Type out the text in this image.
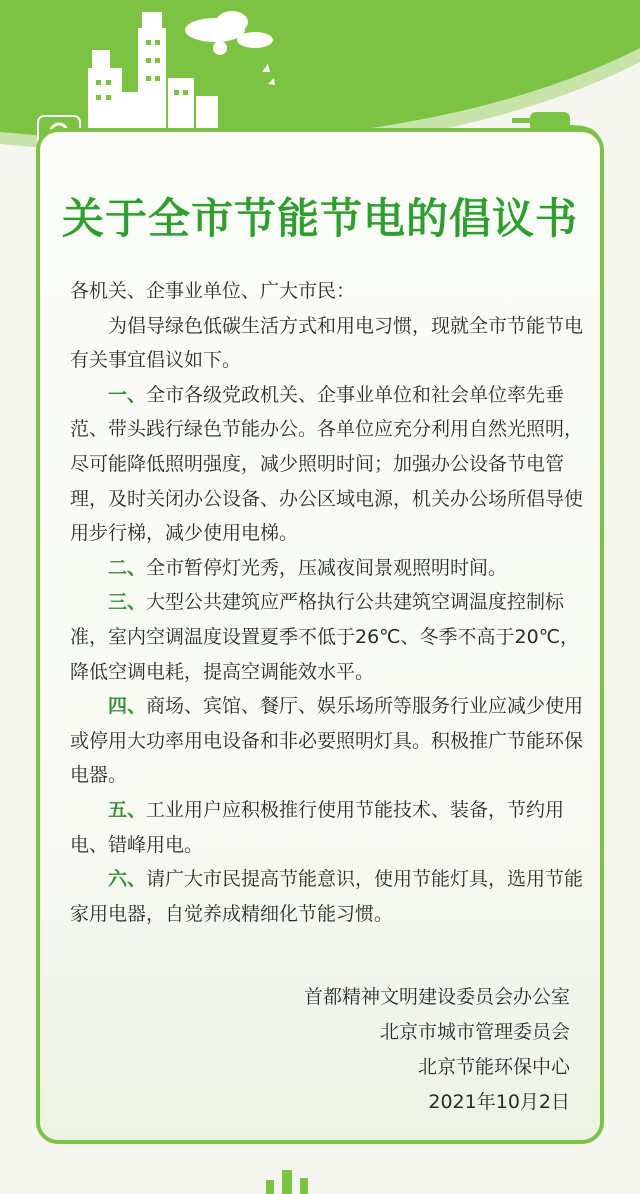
关于全市节能节电的倡议书

各机关、企事业单位、广大市民：

为倡导绿色低碳生活方式和用电习惯，现就全市节能节电有关事宜倡议如下。

一、全市各级党政机关、企事业单位和社会单位率先垂范、带头践行绿色节能办公。各单位应充分利用自然光照明，尽可能降低照明强度，减少照明时间；加强办公设备节电管理，及时关闭办公设备、办公区域电源，机关办公场所倡导使用步行梯，减少使用电梯。

二、全市暂停灯光秀，压减夜间景观照明时间。

三、大型公共建筑应严格执行公共建筑空调温度控制标准，室内空调温度设置夏季不低于26℃、冬季不高于20℃，降低空调电耗，提高空调能效水平。

四、商场、宾馆、餐厅、娱乐场所等服务行业应减少使用或停用大功率用电设备和非必要照明灯具。积极推广节能环保电器。

五、工业用户应积极推行使用节能技术、装备，节约用电、错峰用电。

六、请广大市民提高节能意识，使用节能灯具，选用节能家用电器，自觉养成精细化节能习惯。

首都精神文明建设委员会办公室
北京市城市管理委员会
北京节能环保中心
2021年10月2日
